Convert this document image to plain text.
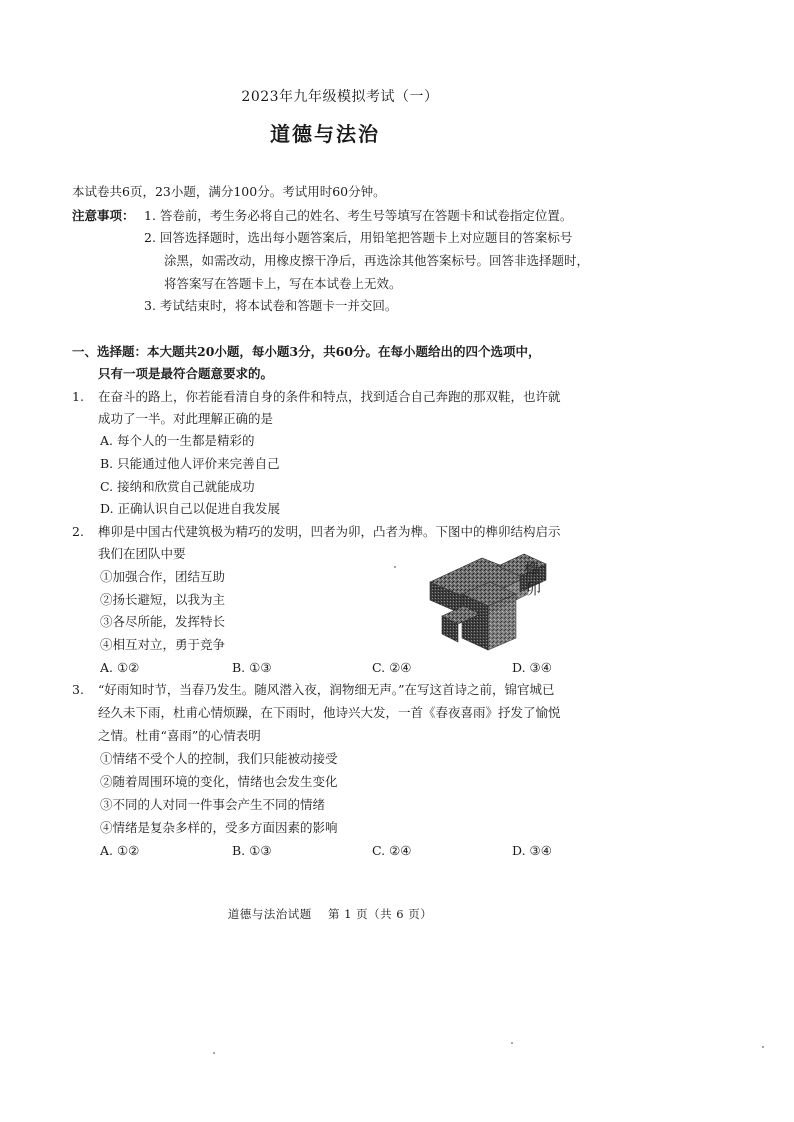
2023年九年级模拟考试（一）
道德与法治
本试卷共6页，23小题，满分100分。考试用时60分钟。
注意事项： 1. 答卷前，考生务必将自己的姓名、考生号等填写在答题卡和试卷指定位置。
2. 回答选择题时，选出每小题答案后，用铅笔把答题卡上对应题目的答案标号
涂黑，如需改动，用橡皮擦干净后，再选涂其他答案标号。回答非选择题时，
将答案写在答题卡上，写在本试卷上无效。
3. 考试结束时，将本试卷和答题卡一并交回。
一、选择题：本大题共20小题，每小题3分，共60分。在每小题给出的四个选项中，
只有一项是最符合题意要求的。
1. 在奋斗的路上，你若能看清自身的条件和特点，找到适合自己奔跑的那双鞋，也许就
成功了一半。对此理解正确的是
A. 每个人的一生都是精彩的
B. 只能通过他人评价来完善自己
C. 接纳和欣赏自己就能成功
D. 正确认识自己以促进自我发展
2. 榫卯是中国古代建筑极为精巧的发明，凹者为卯，凸者为榫。下图中的榫卯结构启示
我们在团队中要
①加强合作，团结互助
②扬长避短，以我为主
③各尽所能，发挥特长
④相互对立，勇于竞争
A. ①②	B. ①③	C. ②④	D. ③④
榫
卯
3. “好雨知时节，当春乃发生。随风潜入夜，润物细无声。”在写这首诗之前，锦官城已
经久未下雨，杜甫心情烦躁，在下雨时，他诗兴大发，一首《春夜喜雨》抒发了愉悦
之情。杜甫“喜雨”的心情表明
①情绪不受个人的控制，我们只能被动接受
②随着周围环境的变化，情绪也会发生变化
③不同的人对同一件事会产生不同的情绪
④情绪是复杂多样的，受多方面因素的影响
A. ①②	B. ①③	C. ②④	D. ③④
道德与法治试题 第 1 页（共 6 页）
